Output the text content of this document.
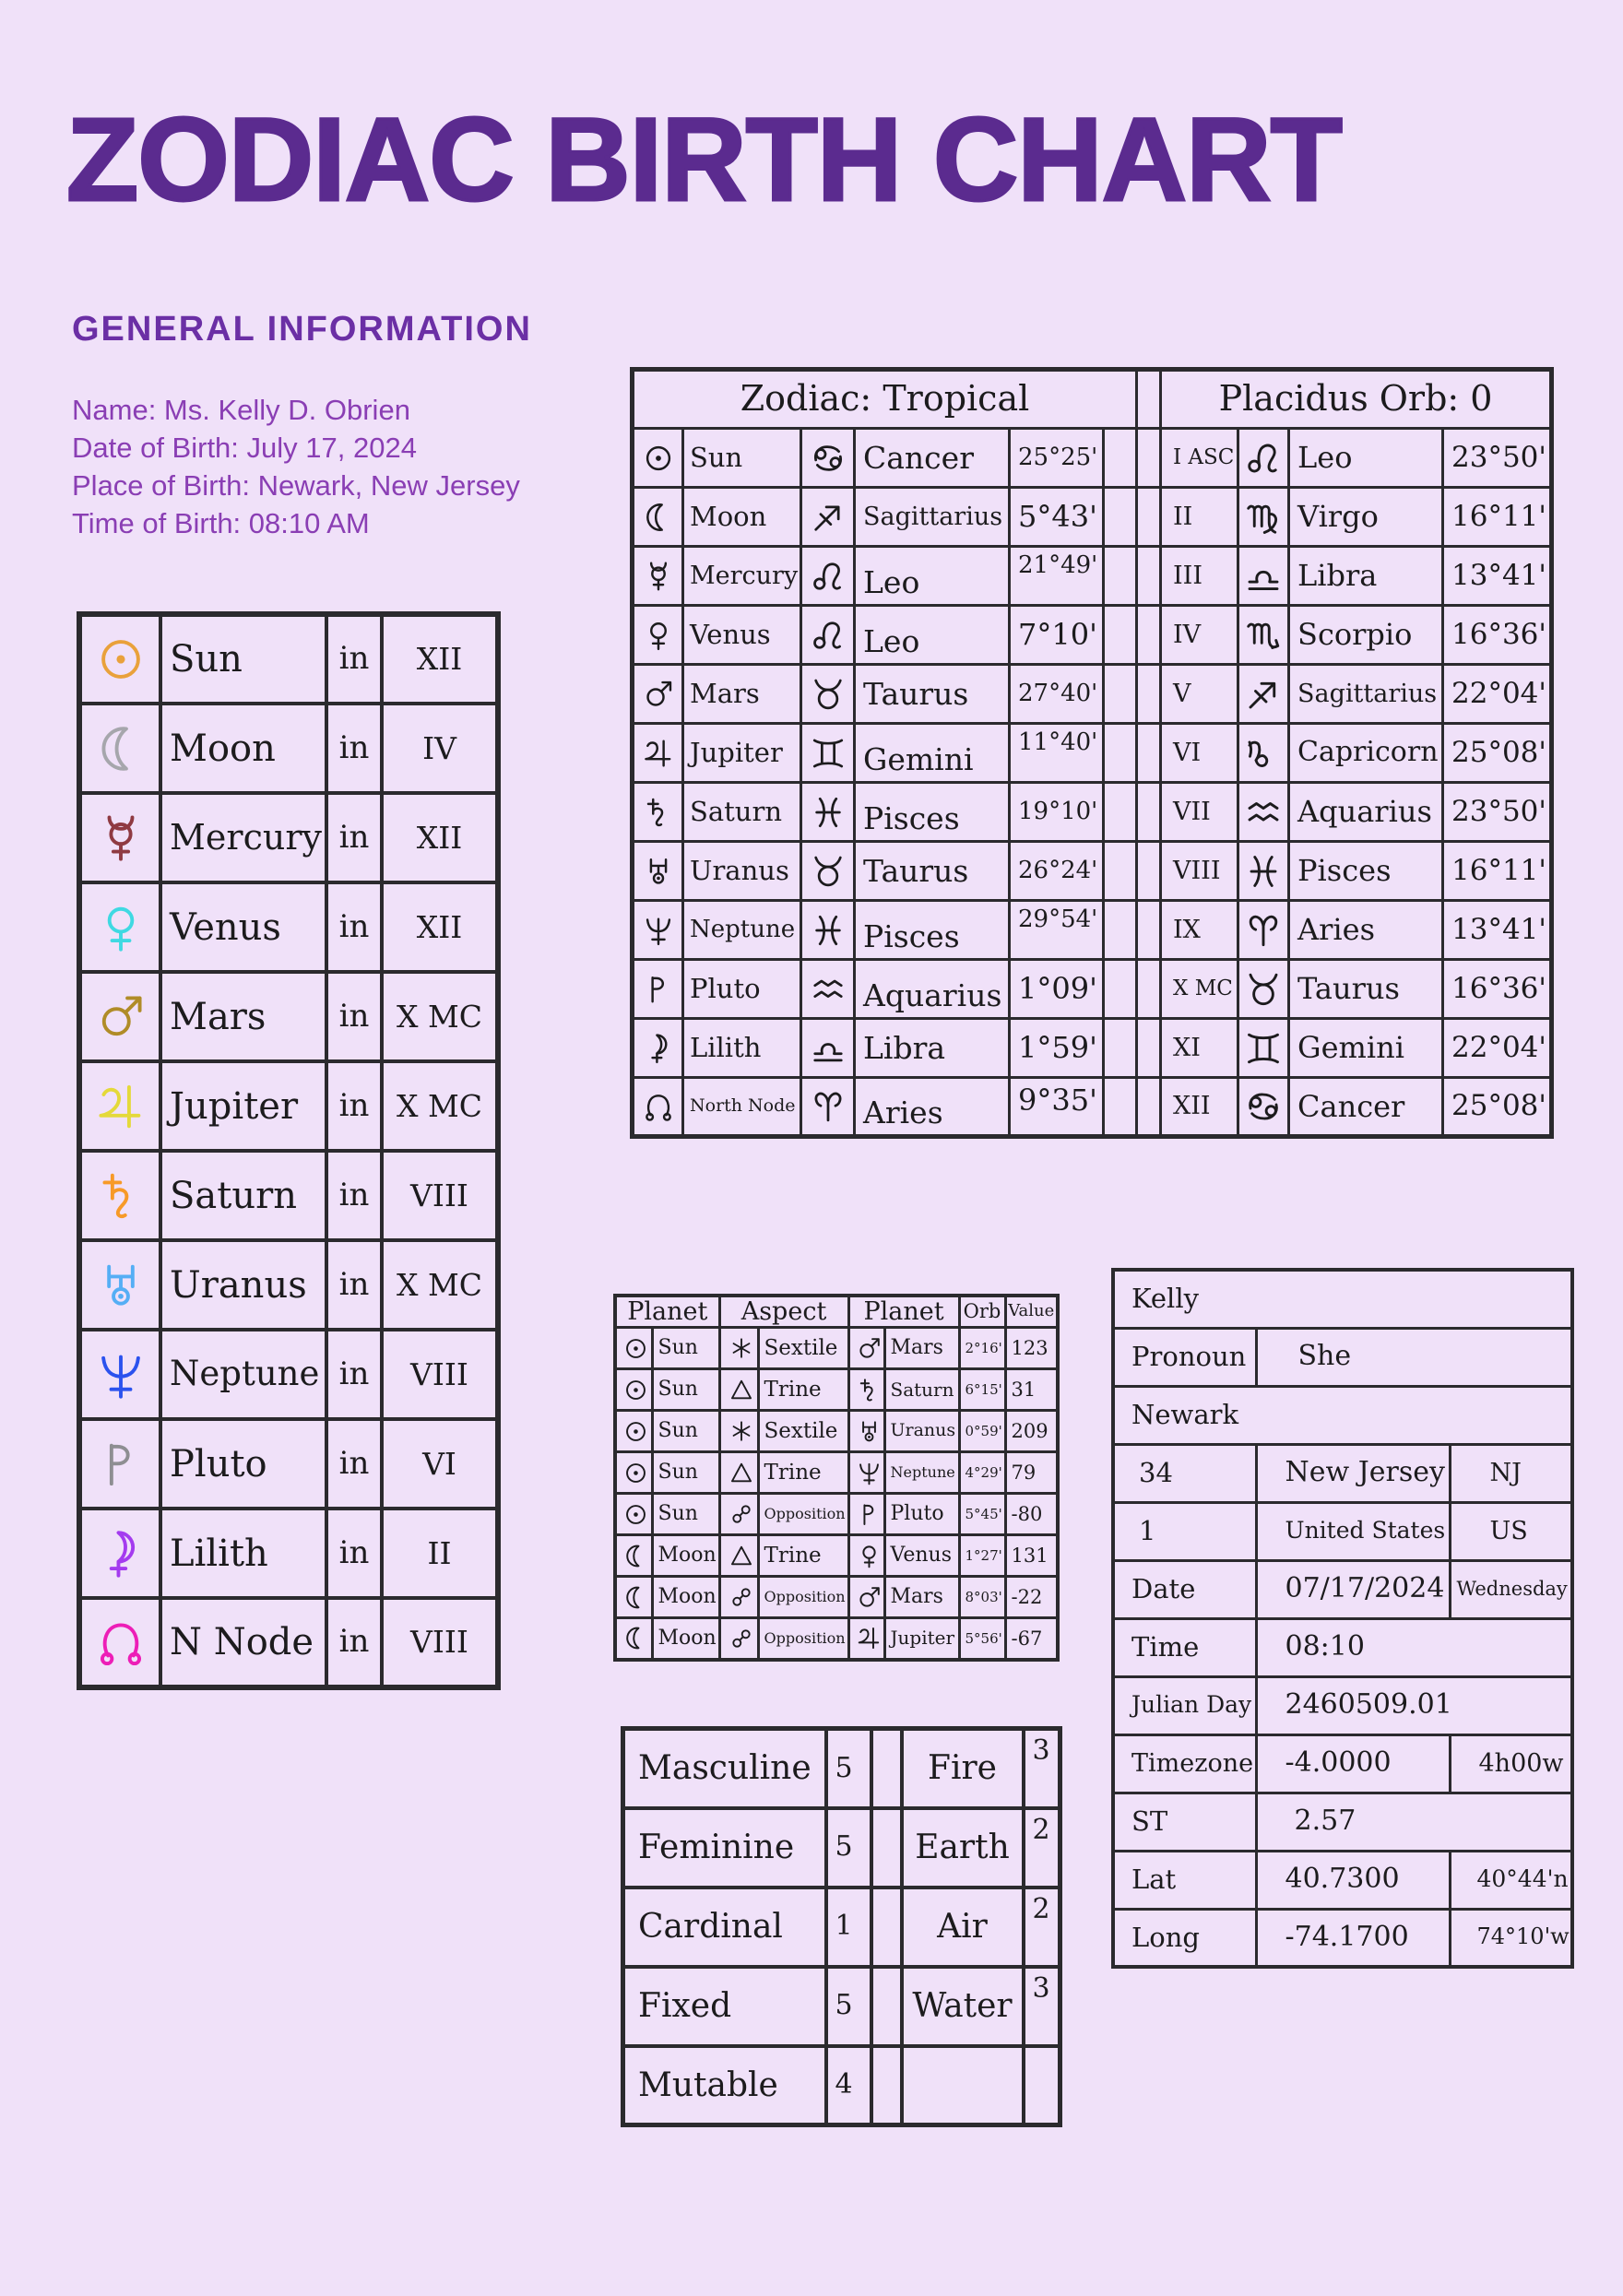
ZODIAC BIRTH CHART
GENERAL INFORMATION
Name: Ms. Kelly D. Obrien
Date of Birth: July 17, 2024
Place of Birth: Newark, New Jersey
Time of Birth: 08:10 AM
	Sun	in	XII
	Moon	in	IV
	Mercury	in	XII
	Venus	in	XII
	Mars	in	X MC
	Jupiter	in	X MC
	Saturn	in	VIII
	Uranus	in	X MC
	Neptune	in	VIII
	Pluto	in	VI
	Lilith	in	II
	N Node	in	VIII
Zodiac: Tropical							Placidus Orb: 0			
	Sun		Cancer	25°25'			I ASC		Leo	23°50'
	Moon		Sagittarius	5°43'			II		Virgo	16°11'
	Mercury		Leo	21°49'			III		Libra	13°41'
	Venus		Leo	7°10'			IV		Scorpio	16°36'
	Mars		Taurus	27°40'			V		Sagittarius	22°04'
	Jupiter		Gemini	11°40'			VI		Capricorn	25°08'
	Saturn		Pisces	19°10'			VII		Aquarius	23°50'
	Uranus		Taurus	26°24'			VIII		Pisces	16°11'
	Neptune		Pisces	29°54'			IX		Aries	13°41'
	Pluto		Aquarius	1°09'			X MC		Taurus	16°36'
	Lilith		Libra	1°59'			XI		Gemini	22°04'
	North Node		Aries	9°35'			XII		Cancer	25°08'
Planet		Aspect		Planet		Orb	Value
	Sun		Sextile		Mars	2°16'	123
	Sun		Trine		Saturn	6°15'	31
	Sun		Sextile		Uranus	0°59'	209
	Sun		Trine		Neptune	4°29'	79
	Sun		Opposition		Pluto	5°45'	-80
	Moon		Trine		Venus	1°27'	131
	Moon		Opposition		Mars	8°03'	-22
	Moon		Opposition		Jupiter	5°56'	-67
Masculine	5		Fire	3
Feminine	5		Earth	2
Cardinal	1		Air	2
Fixed	5		Water	3
Mutable	4			
Kelly		
Pronoun	She	
Newark		
34	New Jersey	NJ
1	United States	US
Date	07/17/2024	Wednesday
Time	08:10	
Julian Day	2460509.01	
Timezone	-4.0000	4h00w
ST	2.57	
Lat	40.7300	40°44'n
Long	-74.1700	74°10'w
